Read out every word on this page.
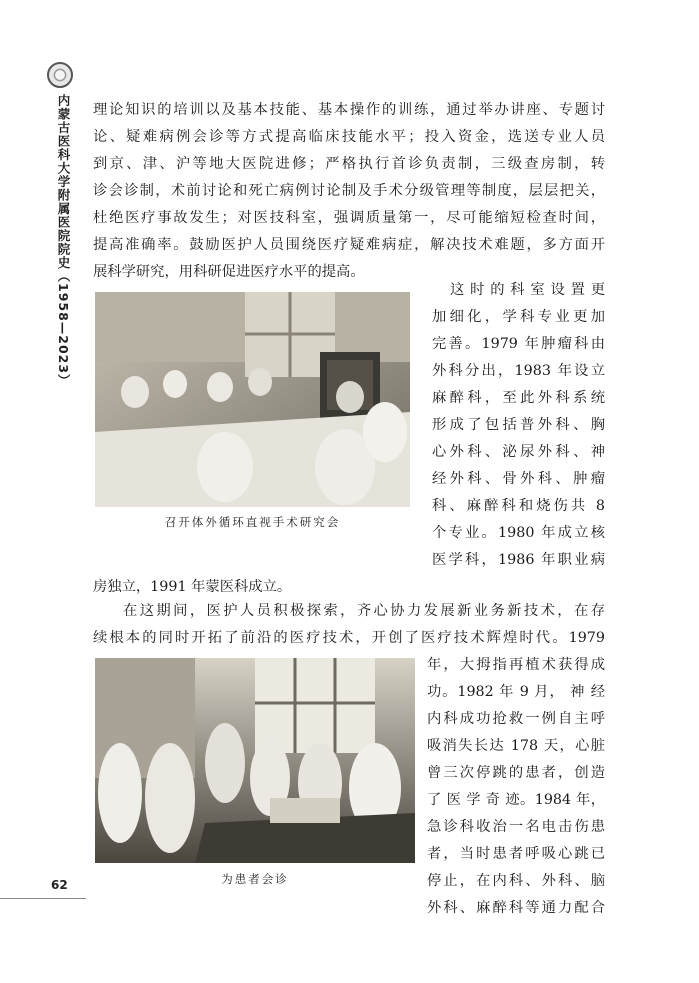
内蒙古医科大学附属医院院史（1958—2023）
62
理论知识的培训以及基本技能、基本操作的训练，通过举办讲座、专题讨
论、疑难病例会诊等方式提高临床技能水平；投入资金，选送专业人员
到京、津、沪等地大医院进修；严格执行首诊负责制，三级查房制，转
诊会诊制，术前讨论和死亡病例讨论制及手术分级管理等制度，层层把关，
杜绝医疗事故发生；对医技科室，强调质量第一，尽可能缩短检查时间，
提高准确率。鼓励医护人员围绕医疗疑难病症，解决技术难题，多方面开
展科学研究，用科研促进医疗水平的提高。
召开体外循环直视手术研究会
这时的科室设置更
加细化，学科专业更加
完善。1979 年肿瘤科由
外科分出，1983 年设立
麻醉科，至此外科系统
形成了包括普外科、胸
心外科、泌尿外科、神
经外科、骨外科、肿瘤
科、麻醉科和烧伤共 8
个专业。1980 年成立核
医学科，1986 年职业病
房独立，1991 年蒙医科成立。
在这期间，医护人员积极探索，齐心协力发展新业务新技术，在存
续根本的同时开拓了前沿的医疗技术，开创了医疗技术辉煌时代。1979
年，大拇指再植术获得成
功。1982 年 9 月， 神 经
内科成功抢救一例自主呼
吸消失长达 178 天，心脏
曾三次停跳的患者，创造
了 医 学 奇 迹。1984 年，
急诊科收治一名电击伤患
者，当时患者呼吸心跳已
停止，在内科、外科、脑
外科、麻醉科等通力配合
为患者会诊
